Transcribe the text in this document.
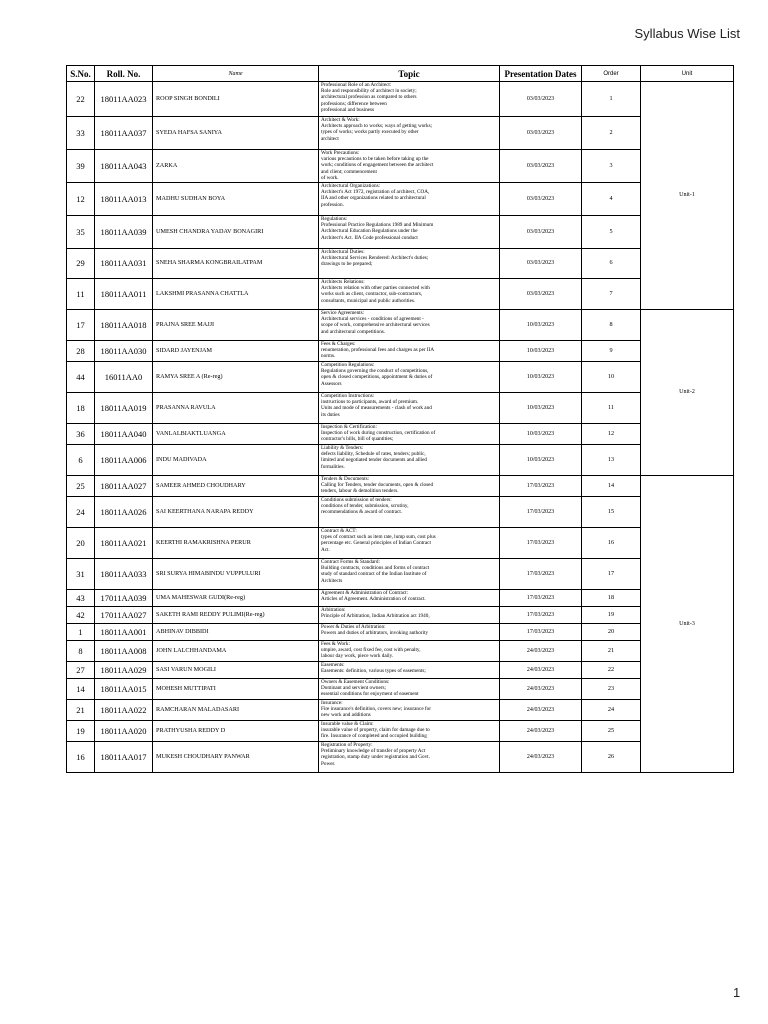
Syllabus Wise List
S.No.	Roll. No.	Name	Topic	Presentation Dates	Order	Unit
22	18011AA023	ROOP SINGH BONDILI	Professional Role of an Architect:
Role and responsibility of architect in society;
architectural profession as compared to others
professions; difference between
professional and business	03/03/2023	1	Unit-1
33	18011AA037	SYEDA HAFSA SANIYA	Architect & Work:
Architects approach to works; ways of getting works;
types of works; works partly executed by other
architect	03/03/2023	2	
39	18011AA043	ZARKA	Work Precautions:
various precautions to be taken before taking up the
work; conditions of engagement between the architect
and client; commencement
of work.	03/03/2023	3	
12	18011AA013	MADHU SUDHAN BOYA	Architectural Organizations:
Architect's Act 1972, registration of architect, COA,
IIA and other organizations related to architectural
profession.	03/03/2023	4	
35	18011AA039	UMESH CHANDRA YADAV BONAGIRI	Regulations:
Professional Practice Regulations 1989 and Minimum
Architectural Education Regulations under the
Architect's Act. IIA Code professional conduct	03/03/2023	5	
29	18011AA031	SNEHA SHARMA KONGBRAILATPAM	Architectural Duties:
Architectural Services Rendered: Architect's duties;
drawings to be prepared;	03/03/2023	6	
11	18011AA011	LAKSHMI PRASANNA CHATTLA	Architects Relations:
Architects relation with other parties connected with
works such as client, contractor, sub-contractors,
consultants, municipal and public authorities.	03/03/2023	7	
17	18011AA018	PRAJNA SREE MAJJI	Service Agreements:
Architectural services - conditions of agreement -
scope of work, comprehensive architectural services
and architectural competitions.	10/03/2023	8	Unit-2
28	18011AA030	SIDARD JAYENJAM	Fees & Charges:
renumeration, professional fees and charges as per IIA
norms.	10/03/2023	9	
44	16011AA0	RAMYA SREE A (Re-reg)	Competition Regulations:
Regulations governing the conduct of competitions,
open & closed competitions, appointment & duties of
Assessors	10/03/2023	10	
18	18011AA019	PRASANNA RAVULA	Competition Instructions:
instructions to participants, award of premium.
Units and mode of measurements - clash of work and
its duties	10/03/2023	11	
36	18011AA040	VANLALBIAKTLUANGA	Inspection & Certification:
Inspection of work during construction, certification of
contractor's bills, bill of quantities;	10/03/2023	12	
6	18011AA006	INDU MADIVADA	Liability & Tenders:
defects liability, Schedule of rates, tenders; public,
limited and negotiated tender documents and allied
formalities.	10/03/2023	13	
25	18011AA027	SAMEER AHMED CHOUDHARY	Tenders & Documents:
Calling for Tenders, tender documents, open & closed
tenders, labour & demolition tenders.	17/03/2023	14	Unit-3
24	18011AA026	SAI KEERTHANA NARAPA REDDY	Conditions submission of tenders:
conditions of tender, submission, scrutiny,
recommendations & award of contract.	17/03/2023	15	
20	18011AA021	KEERTHI RAMAKRISHNA PERUR	Contract & ACT:
types of contract such as item rate, lump sum, cost plus
percentage etc. General principles of Indian Contract
Act.	17/03/2023	16	
31	18011AA033	SRI SURYA HIMABINDU VUPPULURI	Contract Forms & Standard:
Building contracts, conditions and forms of contract
study of standard contract of the Indian Institute of
Architects	17/03/2023	17	
43	17011AA039	UMA MAHESWAR GUDI(Re-reg)	Agreement & Administration of Contract:
Articles of Agreement. Administration of contract.	17/03/2023	18	
42	17011AA027	SAKETH RAMI REDDY PULIMI(Re-reg)	Arbitration:
Principle of Arbitration, Indian Arbitration act 1940,	17/03/2023	19	
1	18011AA001	ABHINAV DIBBIDI	Power & Duties of Arbitration:
Powers and duties of arbitrators, invoking authority	17/03/2023	20	
8	18011AA008	JOHN LALCHHANDAMA	Fees & Work:
umpire, award, cost fixed fee, cost with penalty,
labour day work, piece work daily.	24/03/2023	21	
27	18011AA029	SASI VARUN MOGILI	Easements:
Easements: definition, various types of easements;	24/03/2023	22	
14	18011AA015	MOHESH MUTTIPATI	Owners & Easement Conditions:
Dominant and servient owners;
essential conditions for enjoyment of easement	24/03/2023	23	
21	18011AA022	RAMCHARAN MALADASARI	Insurance:
Fire insurance's definition, covers new; insurance for
new work and additions	24/03/2023	24	
19	18011AA020	PRATHYUSHA REDDY D	Insurable value & Claim:
insurable value of property, claim for damage due to
fire. Insurance of completed and occupied building	24/03/2023	25	
16	18011AA017	MUKESH CHOUDHARY PANWAR	Registration of Property:
Preliminary knowledge of transfer of property Act
registration, stamp duty under registration and Govt.
Power.	24/03/2023	26	
1
